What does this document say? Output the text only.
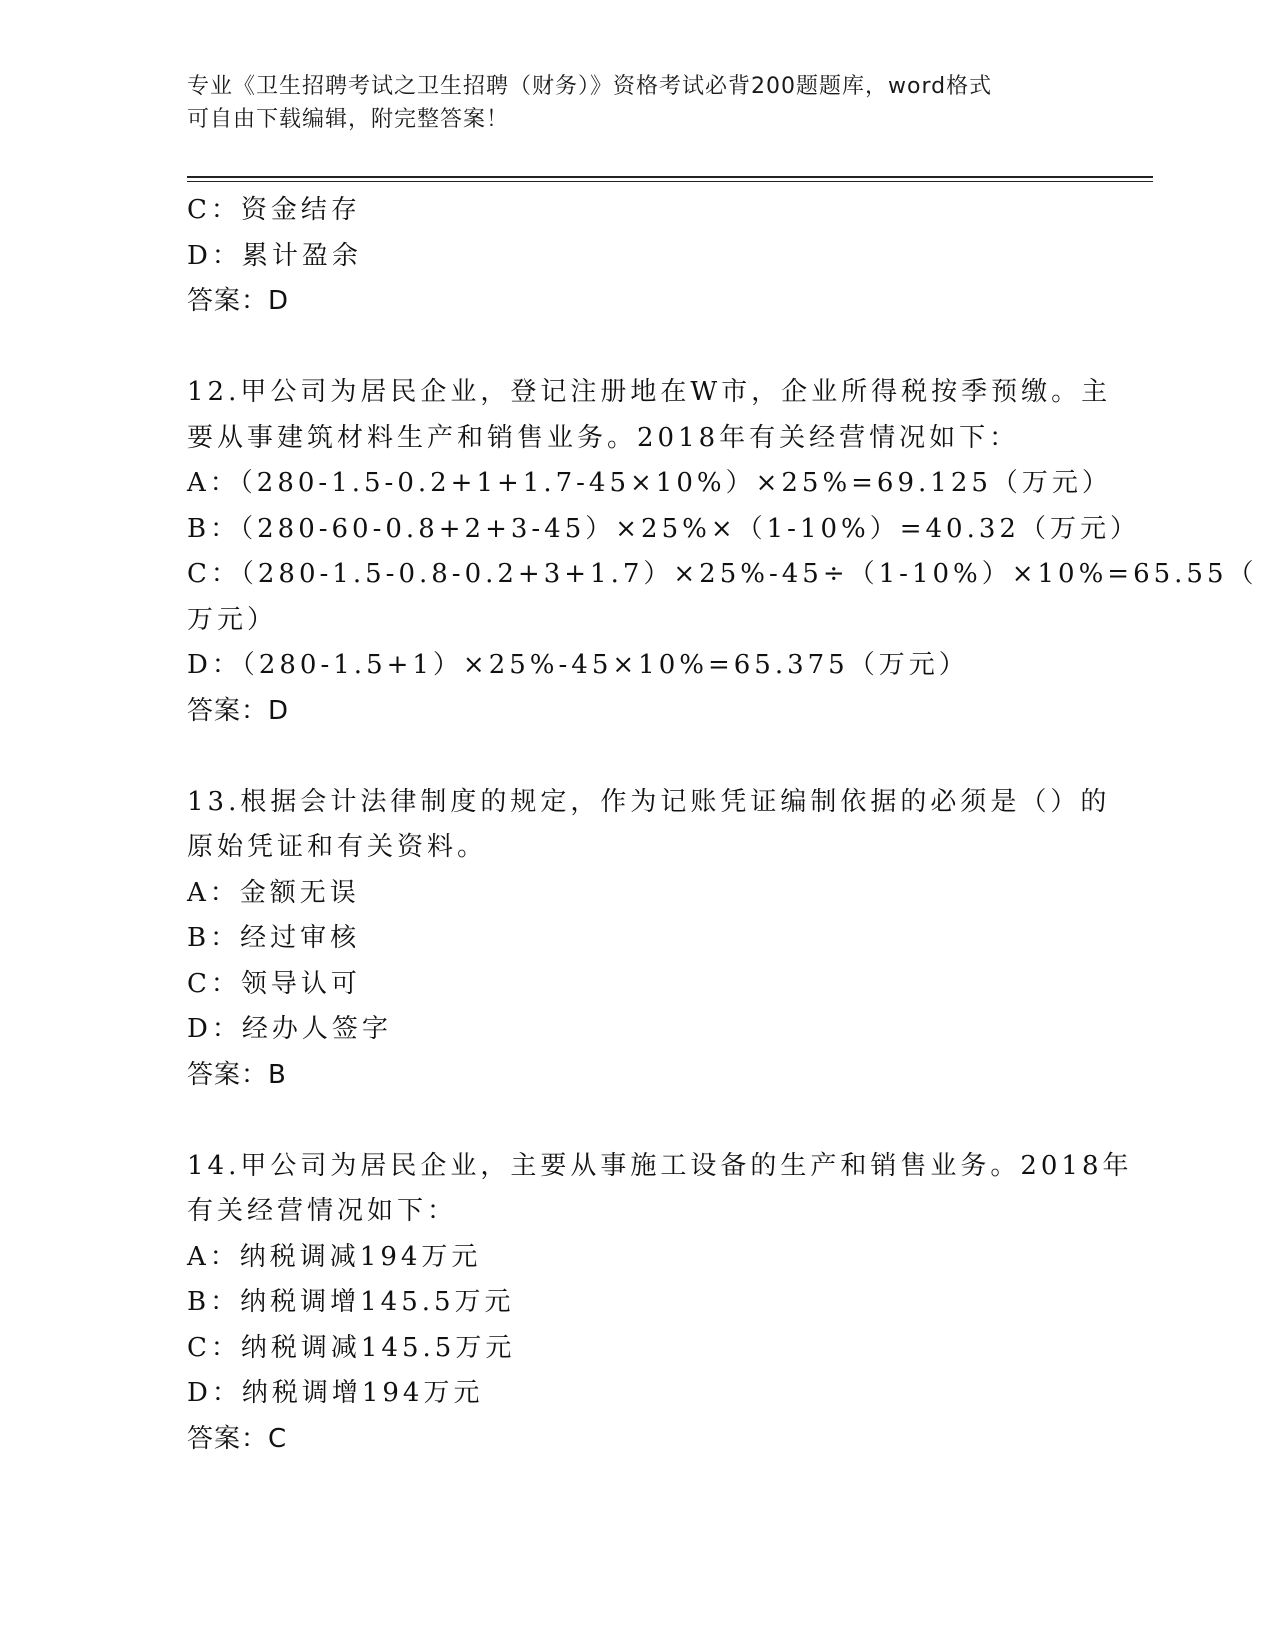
专业《卫生招聘考试之卫生招聘（财务）》资格考试必背200题题库，word格式
可自由下载编辑，附完整答案！
C：资金结存
D：累计盈余
答案：D
12.甲公司为居民企业，登记注册地在W市，企业所得税按季预缴。主
要从事建筑材料生产和销售业务。2018年有关经营情况如下：
A：（280-1.5-0.2+1+1.7-45×10%）×25%=69.125（万元）
B：（280-60-0.8+2+3-45）×25%×（1-10%）=40.32（万元）
C：（280-1.5-0.8-0.2+3+1.7）×25%-45÷（1-10%）×10%=65.55（
万元）
D：（280-1.5+1）×25%-45×10%=65.375（万元）
答案：D
13.根据会计法律制度的规定，作为记账凭证编制依据的必须是（）的
原始凭证和有关资料。
A：金额无误
B：经过审核
C：领导认可
D：经办人签字
答案：B
14.甲公司为居民企业，主要从事施工设备的生产和销售业务。2018年
有关经营情况如下：
A：纳税调减194万元
B：纳税调增145.5万元
C：纳税调减145.5万元
D：纳税调增194万元
答案：C
